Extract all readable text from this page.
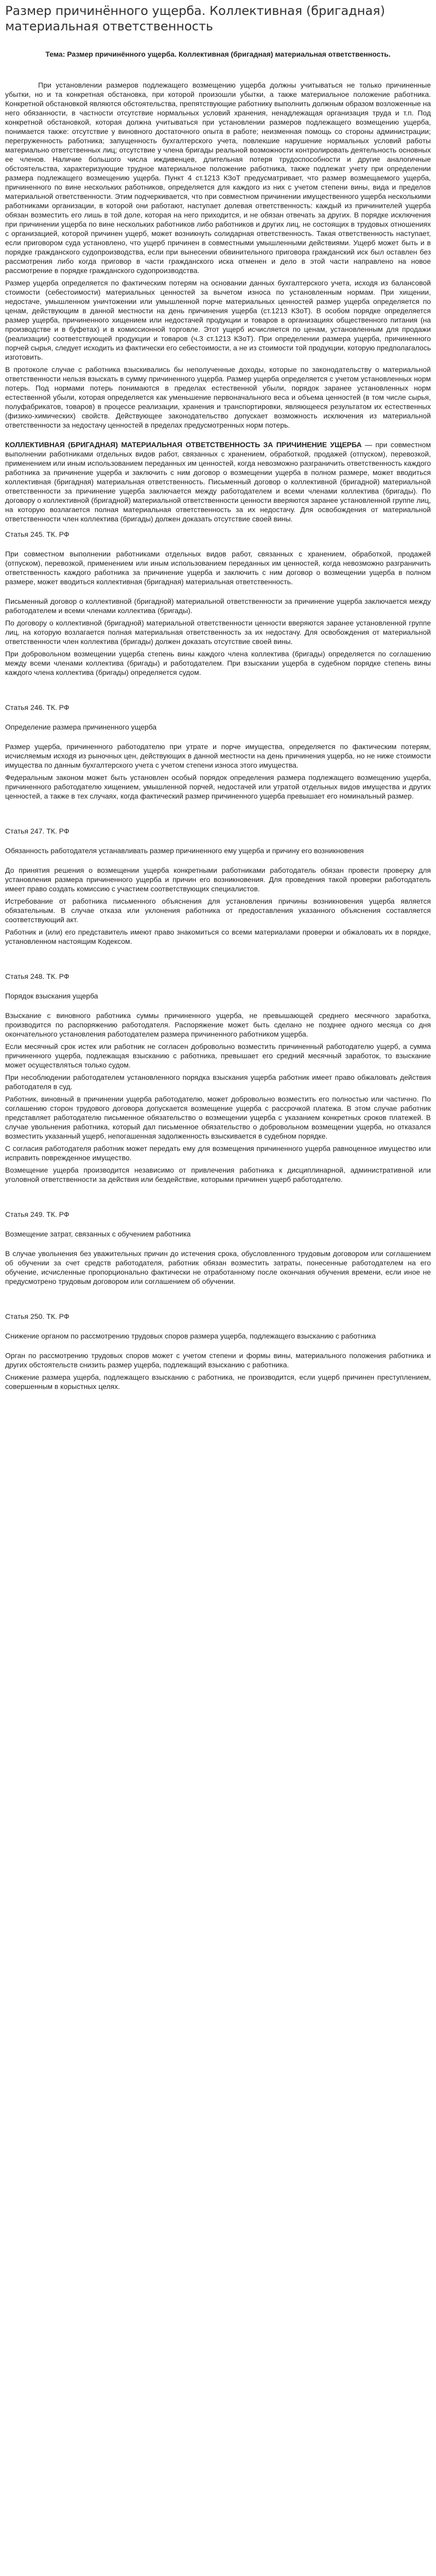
Размер причинённого ущерба. Коллективная (бригадная) материальная ответственность
Тема: Размер причинённого ущерба. Коллективная (бригадная) материальная ответственность.

При установлении размеров подлежащего возмещению ущерба должны учитываться не только причиненные убытки, но и та конкретная обстановка, при которой произошли убытки, а также материальное положение работника. Конкретной обстановкой являются обстоятельства, препятствующие работнику выполнить должным образом возложенные на него обязанности, в частности отсутствие нормальных условий хранения, ненадлежащая организация труда и т.п. Под конкретной обстановкой, которая должна учитываться при установлении размеров подлежащего возмещению ущерба, понимается также: отсутствие у виновного достаточного опыта в работе; неизменная помощь со стороны администрации; перегруженность работника; запущенность бухгалтерского учета, повлекшие нарушение нормальных условий работы материально ответственных лиц; отсутствие у члена бригады реальной возможности контролировать деятельность основных ее членов. Наличие большого числа иждивенцев, длительная потеря трудоспособности и другие аналогичные обстоятельства, характеризующие трудное материальное положение работника, также подлежат учету при определении размера подлежащего возмещению ущерба. Пункт 4 ст.1213 КЗоТ предусматривает, что размер возмещаемого ущерба, причиненного по вине нескольких работников, определяется для каждого из них с учетом степени вины, вида и пределов материальной ответственности. Этим подчеркивается, что при совместном причинении имущественного ущерба несколькими работниками организации, в которой они работают, наступает долевая ответственность: каждый из причинителей ущерба обязан возместить его лишь в той доле, которая на него приходится, и не обязан отвечать за других. В порядке исключения при причинении ущерба по вине нескольких работников либо работников и других лиц, не состоящих в трудовых отношениях с организацией, которой причинен ущерб, может возникнуть солидарная ответственность. Такая ответственность наступает, если приговором суда установлено, что ущерб причинен в совместными умышленными действиями. Ущерб может быть и в порядке гражданского судопроизводства, если при вынесении обвинительного приговора гражданский иск был оставлен без рассмотрения либо когда приговор в части гражданского иска отменен и дело в этой части направлено на новое рассмотрение в порядке гражданского судопроизводства.

Размер ущерба определяется по фактическим потерям на основании данных бухгалтерского учета, исходя из балансовой стоимости (себестоимости) материальных ценностей за вычетом износа по установленным нормам. При хищении, недостаче, умышленном уничтожении или умышленной порче материальных ценностей размер ущерба определяется по ценам, действующим в данной местности на день причинения ущерба (ст.1213 КЗоТ). В особом порядке определяется размер ущерба, причиненного хищением или недостачей продукции и товаров в организациях общественного питания (на производстве и в буфетах) и в комиссионной торговле. Этот ущерб исчисляется по ценам, установленным для продажи (реализации) соответствующей продукции и товаров (ч.3 ст.1213 КЗоТ). При определении размера ущерба, причиненного порчей сырья, следует исходить из фактически его себестоимости, а не из стоимости той продукции, которую предполагалось изготовить.

В протоколе случае с работника взыскивались бы неполученные доходы, которые по законодательству о материальной ответственности нельзя взыскать в сумму причиненного ущерба. Размер ущерба определяется с учетом установленных норм потерь. Под нормами потерь понимаются в пределах естественной убыли, порядок заранее установленных норм естественной убыли, которая определяется как уменьшение первоначального веса и объема ценностей (в том числе сырья, полуфабрикатов, товаров) в процессе реализации, хранения и транспортировки, являющееся результатом их естественных (физико-химических) свойств. Действующее законодательство допускает возможность исключения из материальной ответственности за недостачу ценностей в пределах предусмотренных норм потерь.

КОЛЛЕКТИВНАЯ (БРИГАДНАЯ) МАТЕРИАЛЬНАЯ ОТВЕТСТВЕННОСТЬ ЗА ПРИЧИНЕНИЕ УЩЕРБА — при совместном выполнении работниками отдельных видов работ, связанных с хранением, обработкой, продажей (отпуском), перевозкой, применением или иным использованием переданных им ценностей, когда невозможно разграничить ответственность каждого работника за причинение ущерба и заключить с ним договор о возмещении ущерба в полном размере, может вводиться коллективная (бригадная) материальная ответственность. Письменный договор о коллективной (бригадной) материальной ответственности за причинение ущерба заключается между работодателем и всеми членами коллектива (бригады). По договору о коллективной (бригадной) материальной ответственности ценности вверяются заранее установленной группе лиц, на которую возлагается полная материальная ответственность за их недостачу. Для освобождения от материальной ответственности член коллектива (бригады) должен доказать отсутствие своей вины.

Статья 245. ТК. РФ

При совместном выполнении работниками отдельных видов работ, связанных с хранением, обработкой, продажей (отпуском), перевозкой, применением или иным использованием переданных им ценностей, когда невозможно разграничить ответственность каждого работника за причинение ущерба и заключить с ним договор о возмещении ущерба в полном размере, может вводиться коллективная (бригадная) материальная ответственность.

Письменный договор о коллективной (бригадной) материальной ответственности за причинение ущерба заключается между работодателем и всеми членами коллектива (бригады).

По договору о коллективной (бригадной) материальной ответственности ценности вверяются заранее установленной группе лиц, на которую возлагается полная материальная ответственность за их недостачу. Для освобождения от материальной ответственности член коллектива (бригады) должен доказать отсутствие своей вины.

При добровольном возмещении ущерба степень вины каждого члена коллектива (бригады) определяется по соглашению между всеми членами коллектива (бригады) и работодателем. При взыскании ущерба в судебном порядке степень вины каждого члена коллектива (бригады) определяется судом.

Статья 246. ТК. РФ

Определение размера причиненного ущерба

Размер ущерба, причиненного работодателю при утрате и порче имущества, определяется по фактическим потерям, исчисляемым исходя из рыночных цен, действующих в данной местности на день причинения ущерба, но не ниже стоимости имущества по данным бухгалтерского учета с учетом степени износа этого имущества.

Федеральным законом может быть установлен особый порядок определения размера подлежащего возмещению ущерба, причиненного работодателю хищением, умышленной порчей, недостачей или утратой отдельных видов имущества и других ценностей, а также в тех случаях, когда фактический размер причиненного ущерба превышает его номинальный размер.

Статья 247. ТК. РФ

Обязанность работодателя устанавливать размер причиненного ему ущерба и причину его возникновения

До принятия решения о возмещении ущерба конкретными работниками работодатель обязан провести проверку для установления размера причиненного ущерба и причин его возникновения. Для проведения такой проверки работодатель имеет право создать комиссию с участием соответствующих специалистов.

Истребование от работника письменного объяснения для установления причины возникновения ущерба является обязательным. В случае отказа или уклонения работника от предоставления указанного объяснения составляется соответствующий акт.

Работник и (или) его представитель имеют право знакомиться со всеми материалами проверки и обжаловать их в порядке, установленном настоящим Кодексом.

Статья 248. ТК. РФ

Порядок взыскания ущерба

Взыскание с виновного работника суммы причиненного ущерба, не превышающей среднего месячного заработка, производится по распоряжению работодателя. Распоряжение может быть сделано не позднее одного месяца со дня окончательного установления работодателем размера причиненного работником ущерба.

Если месячный срок истек или работник не согласен добровольно возместить причиненный работодателю ущерб, а сумма причиненного ущерба, подлежащая взысканию с работника, превышает его средний месячный заработок, то взыскание может осуществляться только судом.

При несоблюдении работодателем установленного порядка взыскания ущерба работник имеет право обжаловать действия работодателя в суд.

Работник, виновный в причинении ущерба работодателю, может добровольно возместить его полностью или частично. По соглашению сторон трудового договора допускается возмещение ущерба с рассрочкой платежа. В этом случае работник представляет работодателю письменное обязательство о возмещении ущерба с указанием конкретных сроков платежей. В случае увольнения работника, который дал письменное обязательство о добровольном возмещении ущерба, но отказался возместить указанный ущерб, непогашенная задолженность взыскивается в судебном порядке.

С согласия работодателя работник может передать ему для возмещения причиненного ущерба равноценное имущество или исправить поврежденное имущество.

Возмещение ущерба производится независимо от привлечения работника к дисциплинарной, административной или уголовной ответственности за действия или бездействие, которыми причинен ущерб работодателю.

Статья 249. ТК. РФ

Возмещение затрат, связанных с обучением работника

В случае увольнения без уважительных причин до истечения срока, обусловленного трудовым договором или соглашением об обучении за счет средств работодателя, работник обязан возместить затраты, понесенные работодателем на его обучение, исчисленные пропорционально фактически не отработанному после окончания обучения времени, если иное не предусмотрено трудовым договором или соглашением об обучении.

Статья 250. ТК. РФ

Снижение органом по рассмотрению трудовых споров размера ущерба, подлежащего взысканию с работника

Орган по рассмотрению трудовых споров может с учетом степени и формы вины, материального положения работника и других обстоятельств снизить размер ущерба, подлежащий взысканию с работника.

Снижение размера ущерба, подлежащего взысканию с работника, не производится, если ущерб причинен преступлением, совершенным в корыстных целях.
